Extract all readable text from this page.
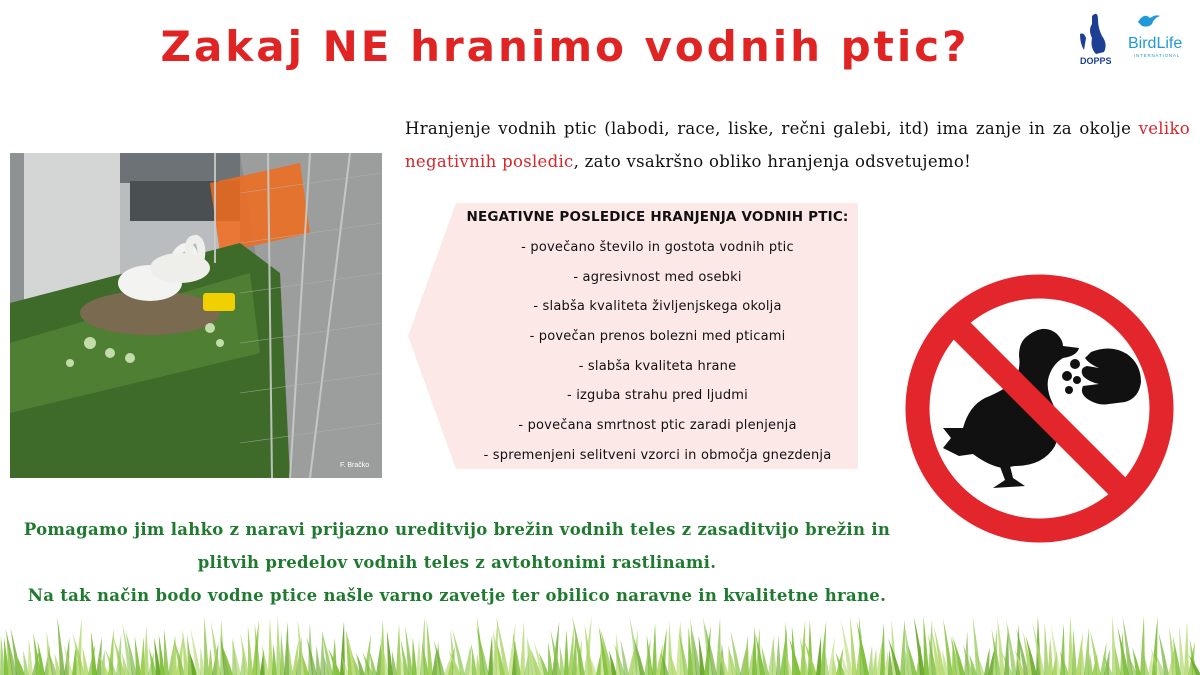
Zakaj NE hranimo vodnih ptic?	DOPPS
BirdLife
INTERNATIONAL
Hranjenje vodnih ptic (labodi, race, liske, rečni galebi, itd) ima zanje in za okolje veliko negativnih posledic, zato vsakršno obliko hranjenja odsvetujemo!
F. Bračko
NEGATIVNE POSLEDICE HRANJENJA VODNIH PTIC:
- povečano število in gostota vodnih ptic
- agresivnost med osebki
- slabša kvaliteta življenjskega okolja
- povečan prenos bolezni med pticami
- slabša kvaliteta hrane
- izguba strahu pred ljudmi
- povečana smrtnost ptic zaradi plenjenja
- spremenjeni selitveni vzorci in območja gnezdenja
Pomagamo jim lahko z naravi prijazno ureditvijo brežin vodnih teles z zasaditvijo brežin in
plitvih predelov vodnih teles z avtohtonimi rastlinami.
Na tak način bodo vodne ptice našle varno zavetje ter obilico naravne in kvalitetne hrane.
